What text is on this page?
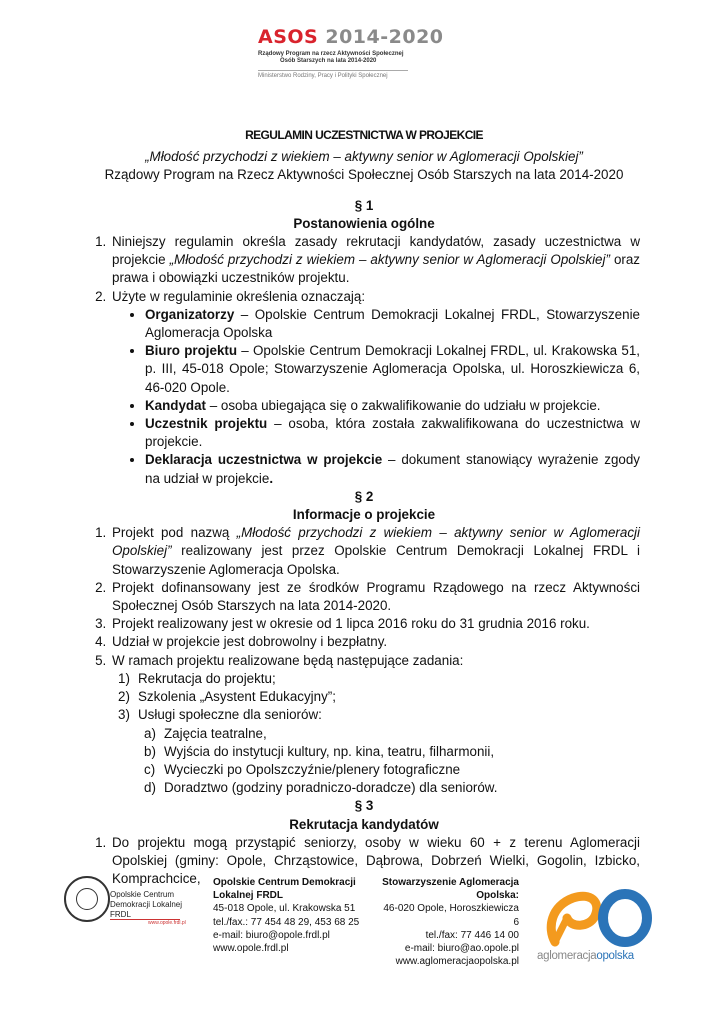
ASOS 2014-2020
Rządowy Program na rzecz Aktywności Społecznej
Osób Starszych na lata 2014-2020
Ministerstwo Rodziny, Pracy i Polityki Społecznej
REGULAMIN UCZESTNICTWA W PROJEKCIE
„Młodość przychodzi z wiekiem – aktywny senior w Aglomeracji Opolskiej”
Rządowy Program na Rzecz Aktywności Społecznej Osób Starszych na lata 2014-2020
§ 1
Postanowienia ogólne
1. Niniejszy regulamin określa zasady rekrutacji kandydatów, zasady uczestnictwa w projekcie „Młodość przychodzi z wiekiem – aktywny senior w Aglomeracji Opolskiej” oraz prawa i obowiązki uczestników projektu.
2. Użyte w regulaminie określenia oznaczają:
• Organizatorzy – Opolskie Centrum Demokracji Lokalnej FRDL, Stowarzyszenie Aglomeracja Opolska
• Biuro projektu – Opolskie Centrum Demokracji Lokalnej FRDL, ul. Krakowska 51, p. III, 45-018 Opole; Stowarzyszenie Aglomeracja Opolska, ul. Horoszkiewicza 6, 46-020 Opole.
• Kandydat – osoba ubiegająca się o zakwalifikowanie do udziału w projekcie.
• Uczestnik projektu – osoba, która została zakwalifikowana do uczestnictwa w projekcie.
• Deklaracja uczestnictwa w projekcie – dokument stanowiący wyrażenie zgody na udział w projekcie.
§ 2
Informacje o projekcie
1. Projekt pod nazwą „Młodość przychodzi z wiekiem – aktywny senior w Aglomeracji Opolskiej” realizowany jest przez Opolskie Centrum Demokracji Lokalnej FRDL i Stowarzyszenie Aglomeracja Opolska.
2. Projekt dofinansowany jest ze środków Programu Rządowego na rzecz Aktywności Społecznej Osób Starszych na lata 2014-2020.
3. Projekt realizowany jest w okresie od 1 lipca 2016 roku do 31 grudnia 2016 roku.
4. Udział w projekcie jest dobrowolny i bezpłatny.
5. W ramach projektu realizowane będą następujące zadania:
Rekrutacja do projektu;
Szkolenia „Asystent Edukacyjny”;
Usługi społeczne dla seniorów:
Zajęcia teatralne,
Wyjścia do instytucji kultury, np. kina, teatru, filharmonii,
Wycieczki po Opolszczyźnie/plenery fotograficzne
Doradztwo (godziny poradniczo-doradcze) dla seniorów.
§ 3
Rekrutacja kandydatów
1. Do projektu mogą przystąpić seniorzy, osoby w wieku 60 + z terenu Aglomeracji Opolskiej (gminy: Opole, Chrząstowice, Dąbrowa, Dobrzeń Wielki, Gogolin, Izbicko, Komprachcice,
Opolskie Centrum
Demokracji Lokalnej FRDL
www.opole.frdl.pl
Opolskie Centrum Demokracji
Lokalnej FRDL
45-018 Opole, ul. Krakowska 51
tel./fax.: 77 454 48 29, 453 68 25
e-mail: biuro@opole.frdl.pl
www.opole.frdl.pl
Stowarzyszenie Aglomeracja
Opolska:
46-020 Opole, Horoszkiewicza 6
tel./fax: 77 446 14 00
e-mail: biuro@ao.opole.pl
www.aglomeracjaopolska.pl aglomeracjaopolska
